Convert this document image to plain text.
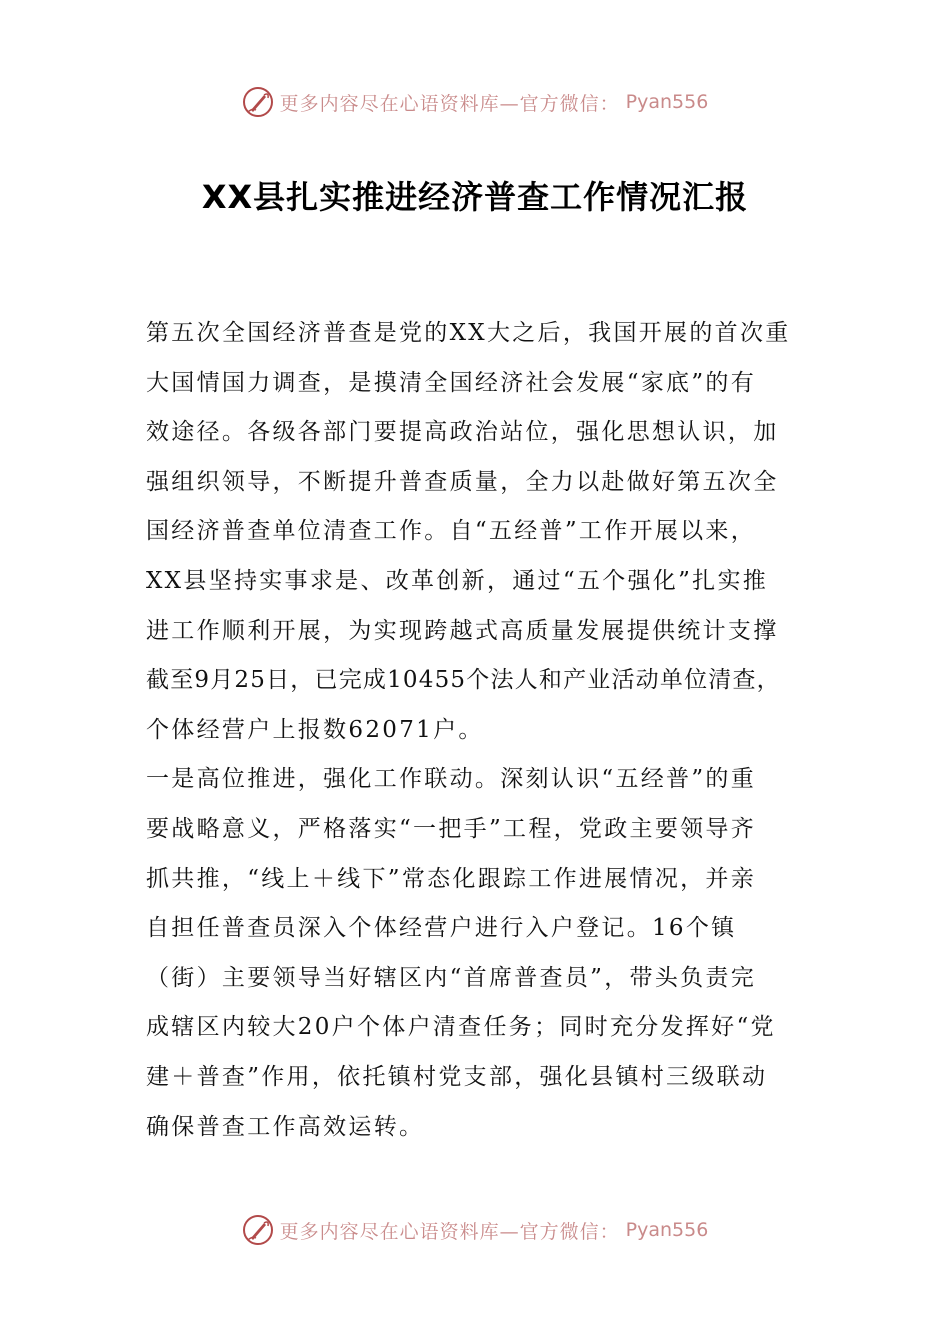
更多内容尽在心语资料库—官方微信： Pyan556
XX县扎实推进经济普查工作情况汇报
第五次全国经济普查是党的XX大之后，我国开展的首次重
大国情国力调查，是摸清全国经济社会发展“家底”的有
效途径。各级各部门要提高政治站位，强化思想认识，加
强组织领导，不断提升普查质量，全力以赴做好第五次全
国经济普查单位清查工作。自“五经普”工作开展以来，
XX县坚持实事求是、改革创新，通过“五个强化”扎实推
进工作顺利开展，为实现跨越式高质量发展提供统计支撑
截至9月25日，已完成10455个法人和产业活动单位清查，
个体经营户上报数62071户。
一是高位推进，强化工作联动。深刻认识“五经普”的重
要战略意义，严格落实“一把手”工程，党政主要领导齐
抓共推，“线上＋线下”常态化跟踪工作进展情况，并亲
自担任普查员深入个体经营户进行入户登记。16个镇
（街）主要领导当好辖区内“首席普查员”，带头负责完
成辖区内较大20户个体户清查任务；同时充分发挥好“党
建＋普查”作用，依托镇村党支部，强化县镇村三级联动
确保普查工作高效运转。
更多内容尽在心语资料库—官方微信： Pyan556
